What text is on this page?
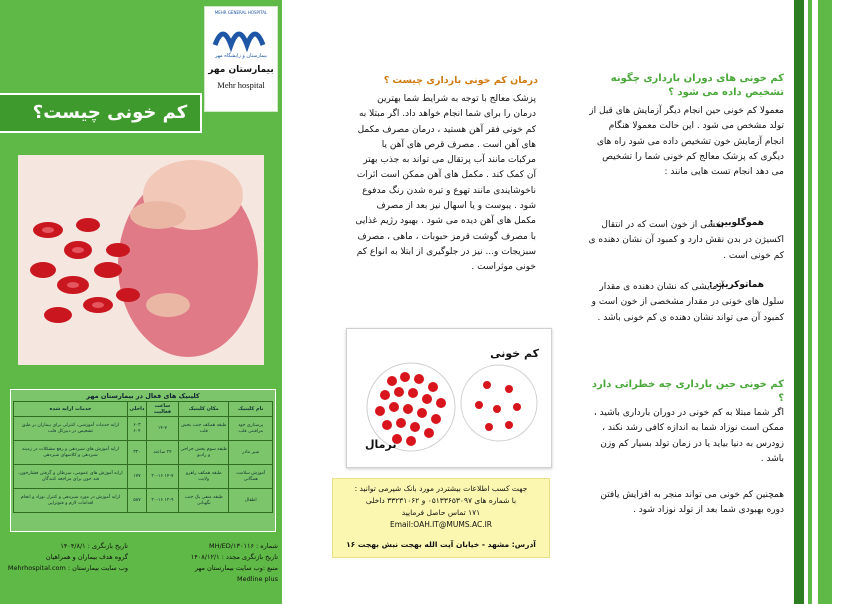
MEHR GENERAL HOSPITAL
بیمارستان و زایشگاه مهر
بیمارستان مهر
Mehr hospital
کم خونی چیست؟
کلینیک های فعال در بیمارستان مهر
نام کلینیک	مکان کلینیک	ساعت فعالیت	داخلی	خدمات ارایه شده
پرستاری خود مراقبتی قلب	طبقه همکف جنب بخش قلب	۱۴-۷	۶۰۳ ۶۰۴	ارایه خدمات آموزشی، کنترلی برای بیماران بر طبق تشخیص در دبیرکل قلب
شیر مادر	طبقه سوم بخش جراحی و رادیو	۲۴ ساعته	۳۳۰	ارایه آموزش های شیردهی و رفع مشکلات در زمینه شیردهی و کلاسهای شیردهی
آموزش سلامت همگانی	طبقه همکف راهرو ولایت	۱۴-۷ ۲۰-۱۶	۱۷۷	ارایه آموزش های عمومی، سرطان و گرفتن فشارخون، قند خون برای مراجعه کنندگان
اطفال	طبقه منفی یک جنب نگهبانی	۱۲-۹ ۲۰-۱۶	۵۸۷	ارایه آموزش در مورد شیردهی و کنترل نوزاد و انجام اقدامات لازم و فتوتراپی
شماره : MH/ED/۱۳۰۱۱۶
تاریخ بازنگری مجدد : ۱۴۰۸/۱۲/۱
منبع :وب سایت بیمارستان مهر
Medline plus
تاریخ بازنگری : ۱۴۰۴/۸/۱
گروه هدف بیماران و همراهیان
وب سایت بیمارستان : Mehrhospital.com
درمان کم خونی بارداری چیست ؟
پزشک معالج با توجه به شرایط شما بهترین درمان را برای شما انجام خواهد داد. اگر مبتلا به کم خونی فقر آهن هستید ، درمان مصرف مکمل های آهن است . مصرف قرص های آهن یا مرکبات مانند آب پرتقال می تواند به جذب بهتر آن کمک کند . مکمل های آهن ممکن است اثرات ناخوشایندی مانند تهوع و تیره شدن رنگ مدفوع شود . یبوست و یا اسهال نیز بعد از مصرف مکمل های آهن دیده می شود . بهبود رژیم غذایی با مصرف گوشت قرمز حبوبات ، ماهی ، مصرف سبزیجات و... نیز در جلوگیری از ابتلا به انواع کم خونی موثراست .
کم خونی
نرمال
جهت کسب اطلاعات بیشتردر مورد بانک شیرمی توانید :
با شماره های ۰۵۱۳۳۶۵۳۰۹۷ و ۳۳۲۳۱۰۶۲ داخلی
۱۷۱ تماس حاصل فرمایید
Email:OAH.IT@MUMS.AC.IR
آدرس: مشهد - خیابان آیت الله بهجت نبش بهجت ۱۶
کم خونی های دوران بارداری چگونه تشخیص داده می شود ؟
معمولا کم خونی حین انجام دیگر آزمایش های قبل از تولد مشخص می شود . این حالت معمولا هنگام انجام آزمایش خون تشخیص داده می شود راه های دیگری که پزشک معالج کم خونی شما را تشخیص می دهد انجام تست هایی مانند :
هموگلوبین :
بخشی از خون است که در انتقال اکسیژن در بدن نقش دارد و کمبود آن نشان دهنده ی کم خونی است .
هماتوکریت :
آزمایشی که نشان دهنده ی مقدار سلول های خونی در مقدار مشخصی از خون است و کمبود آن می تواند نشان دهنده ی کم خونی باشد .
کم خونی حین بارداری چه خطراتی دارد ؟
اگر شما مبتلا به کم خونی در دوران بارداری باشید ، ممکن است نوزاد شما به اندازه کافی رشد نکند ، زودرس به دنیا بیاید یا در زمان تولد بسیار کم وزن باشد .
همچنین کم خونی می تواند منجر به افزایش یافتن دوره بهبودی شما بعد از تولد نوزاد شود .
